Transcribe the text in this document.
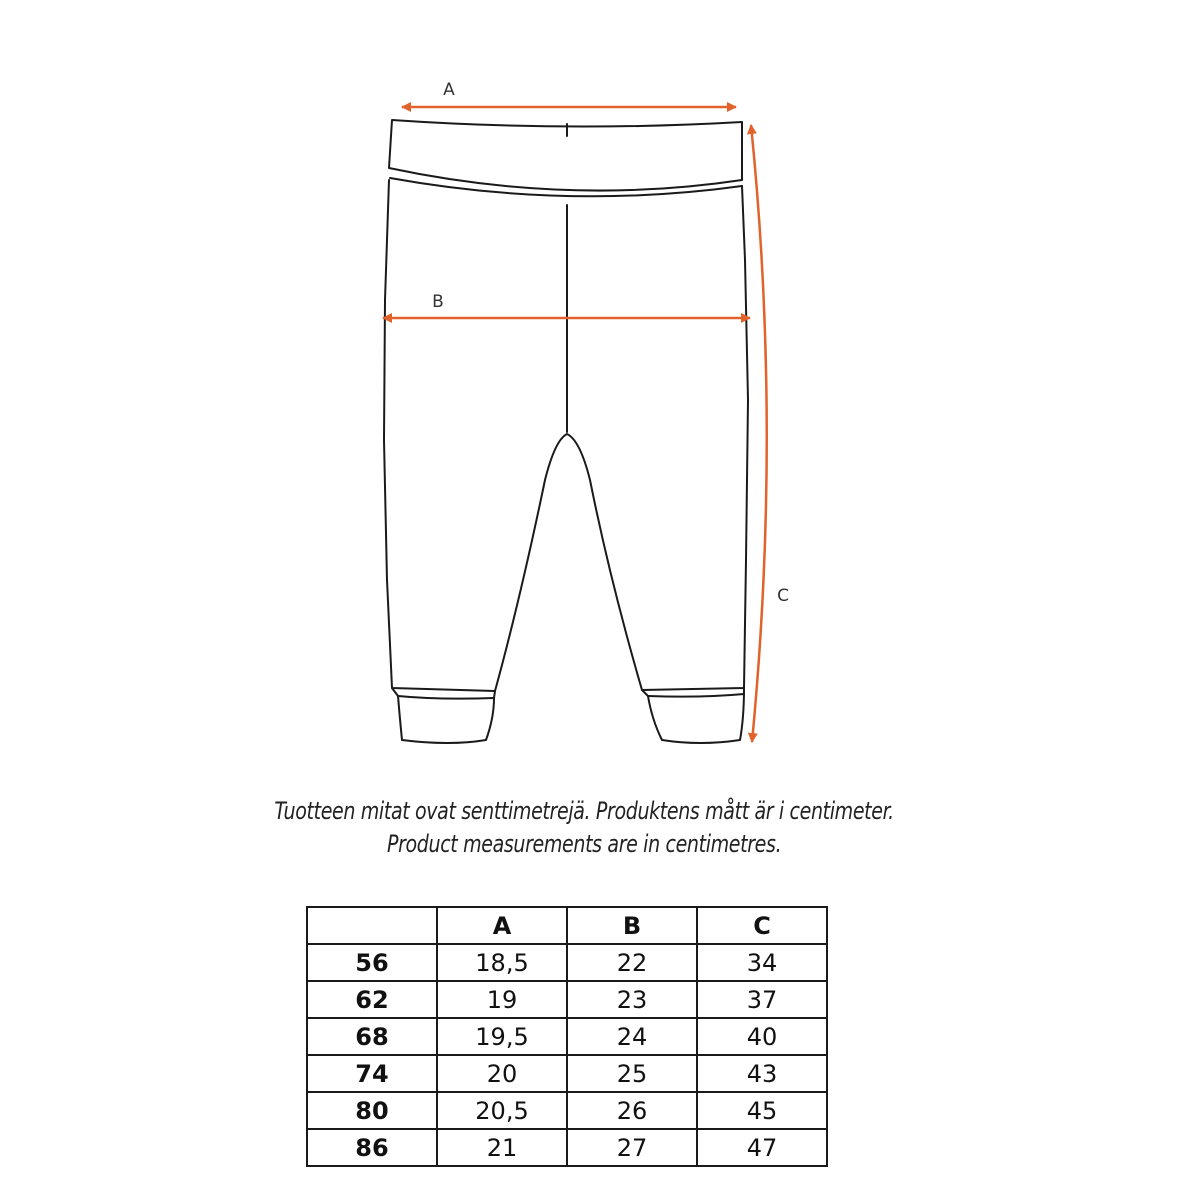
A
B
C
Tuotteen mitat ovat senttimetrejä. Produktens mått är i centimeter.
Product measurements are in centimetres.
	A	B	C
56	18,5	22	34
62	19	23	37
68	19,5	24	40
74	20	25	43
80	20,5	26	45
86	21	27	47
